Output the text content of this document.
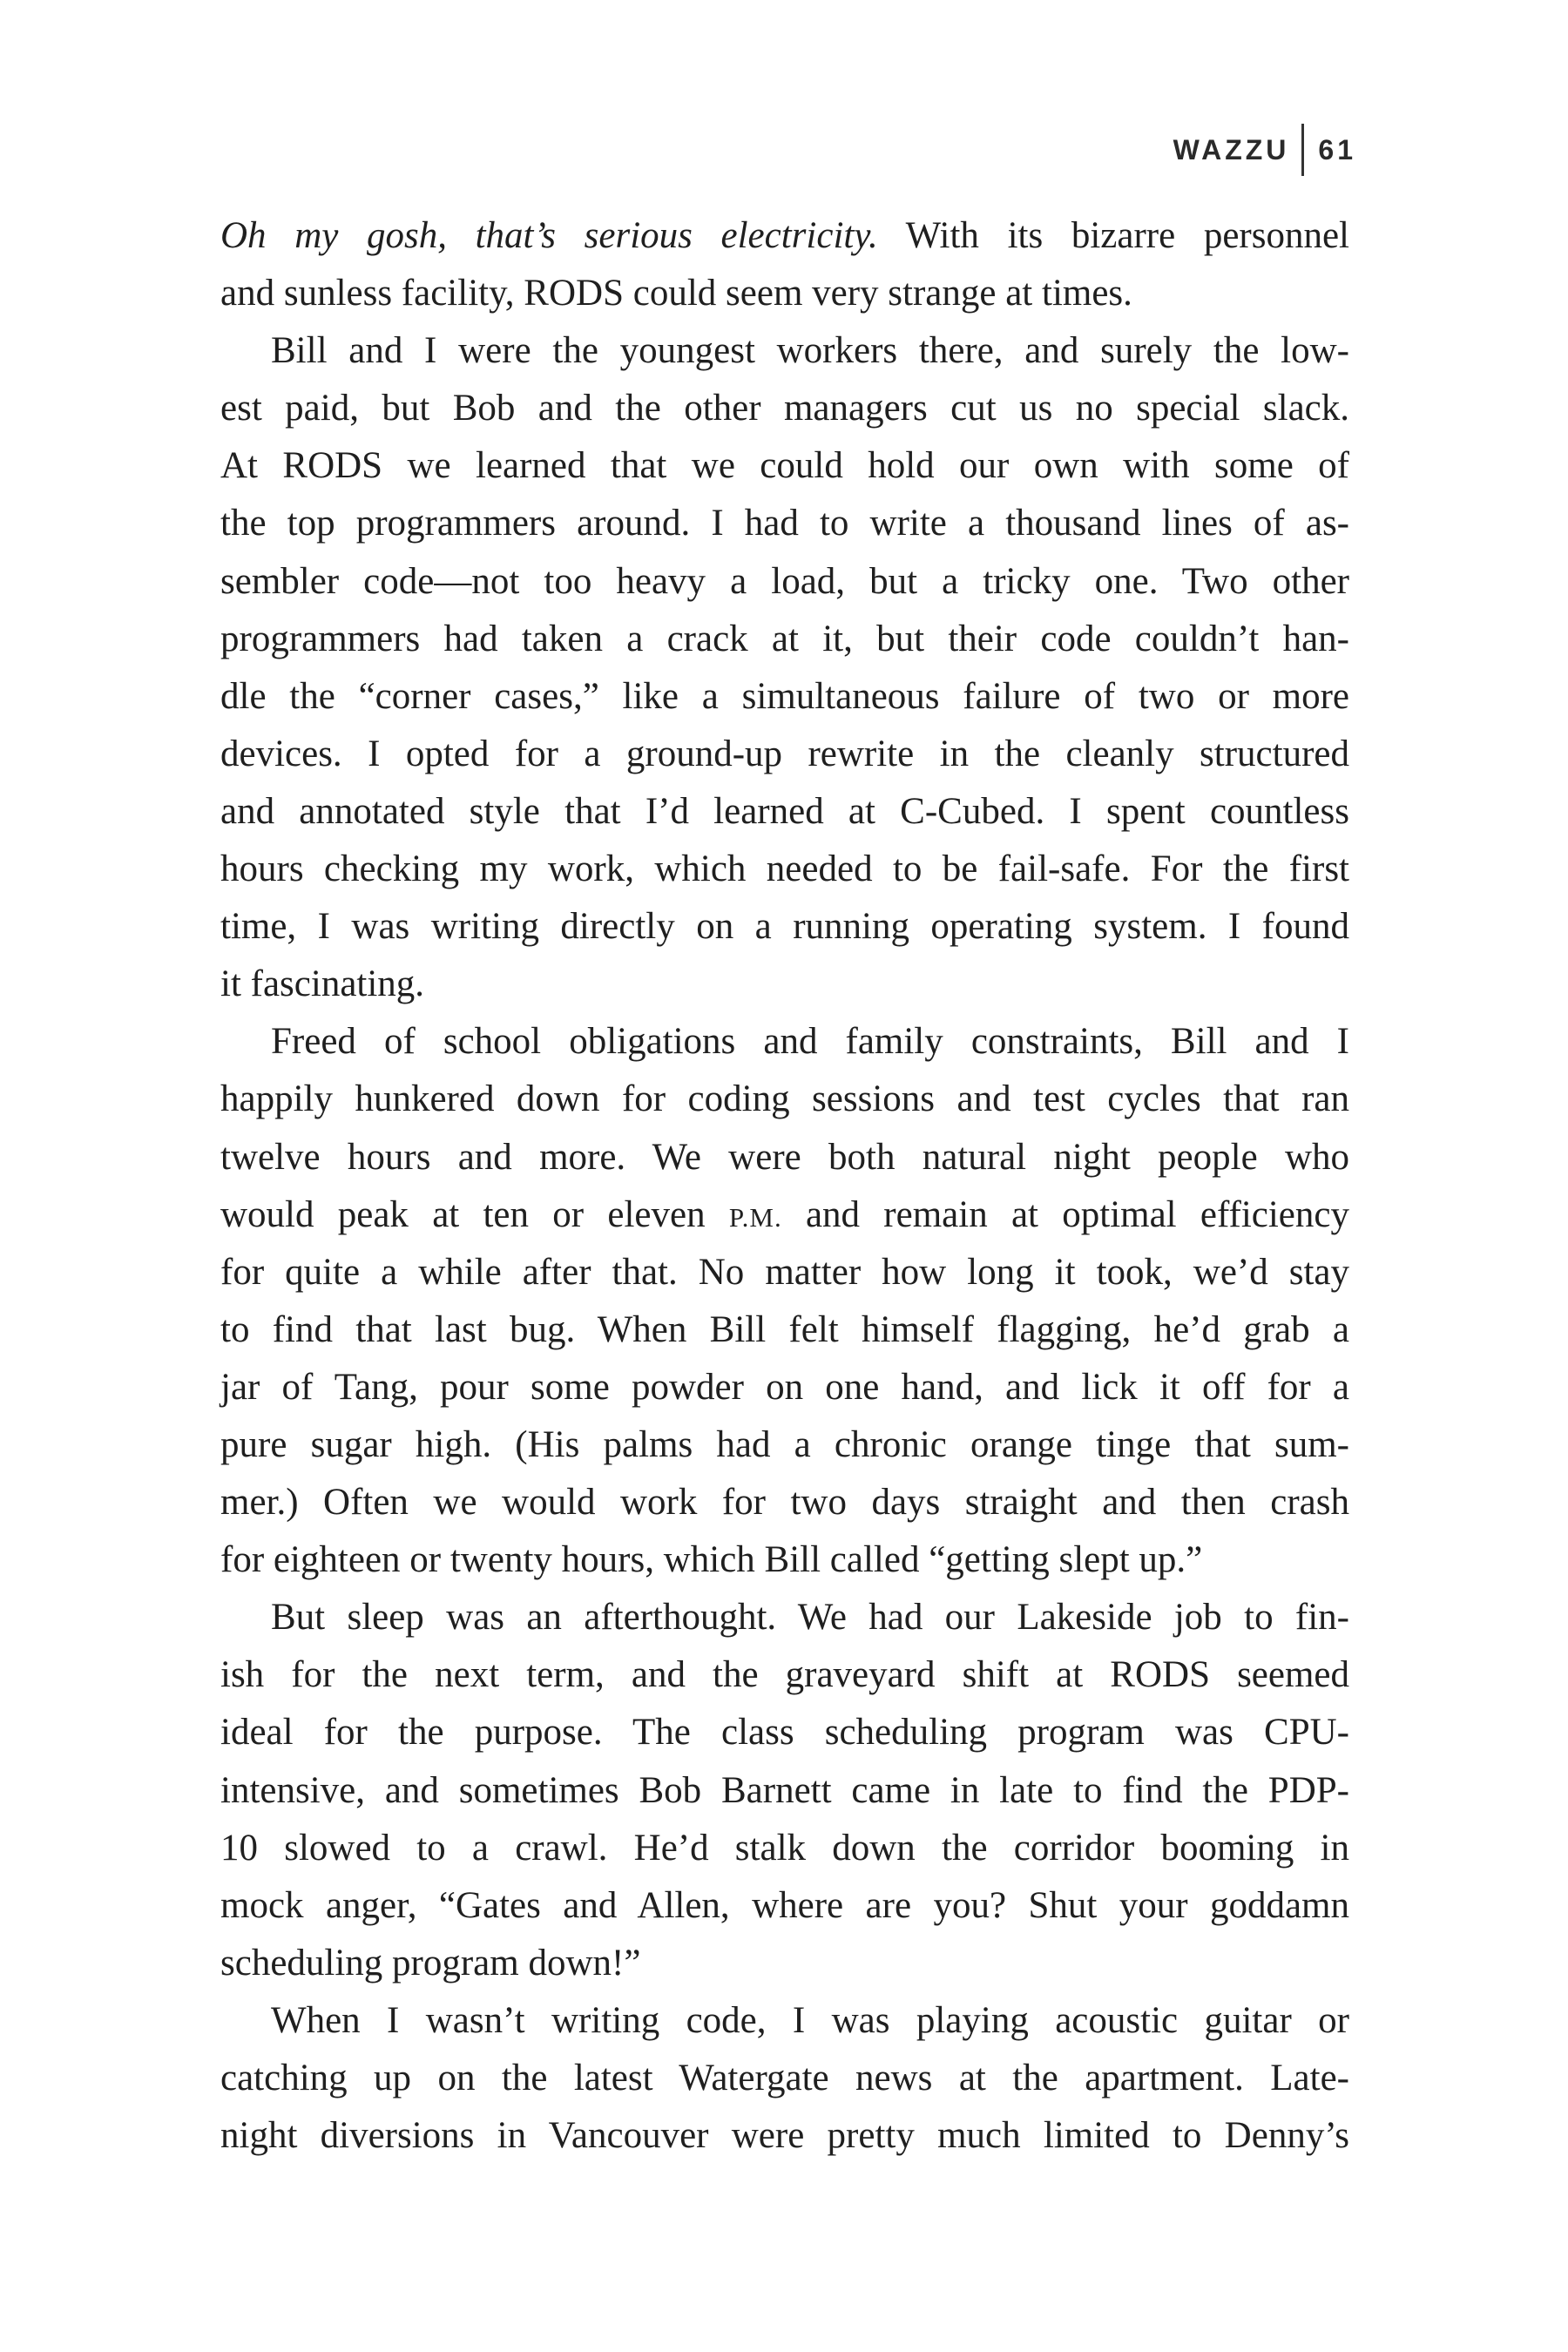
WAZZU	61
Oh my gosh, that’s serious electricity. With its bizarre personnel
and sunless facility, RODS could seem very strange at times.
Bill and I were the youngest workers there, and surely the low-
est paid, but Bob and the other managers cut us no special slack.
At RODS we learned that we could hold our own with some of
the top programmers around. I had to write a thousand lines of as-
sembler code—not too heavy a load, but a tricky one. Two other
programmers had taken a crack at it, but their code couldn’t han-
dle the “corner cases,” like a simultaneous failure of two or more
devices. I opted for a ground-up rewrite in the cleanly structured
and annotated style that I’d learned at C-Cubed. I spent countless
hours checking my work, which needed to be fail-safe. For the first
time, I was writing directly on a running operating system. I found
it fascinating.
Freed of school obligations and family constraints, Bill and I
happily hunkered down for coding sessions and test cycles that ran
twelve hours and more. We were both natural night people who
would peak at ten or eleven P.M. and remain at optimal efficiency
for quite a while after that. No matter how long it took, we’d stay
to find that last bug. When Bill felt himself flagging, he’d grab a
jar of Tang, pour some powder on one hand, and lick it off for a
pure sugar high. (His palms had a chronic orange tinge that sum-
mer.) Often we would work for two days straight and then crash
for eighteen or twenty hours, which Bill called “getting slept up.”
But sleep was an afterthought. We had our Lakeside job to fin-
ish for the next term, and the graveyard shift at RODS seemed
ideal for the purpose. The class scheduling program was CPU-
intensive, and sometimes Bob Barnett came in late to find the PDP-
10 slowed to a crawl. He’d stalk down the corridor booming in
mock anger, “Gates and Allen, where are you? Shut your goddamn
scheduling program down!”
When I wasn’t writing code, I was playing acoustic guitar or
catching up on the latest Watergate news at the apartment. Late-
night diversions in Vancouver were pretty much limited to Denny’s
